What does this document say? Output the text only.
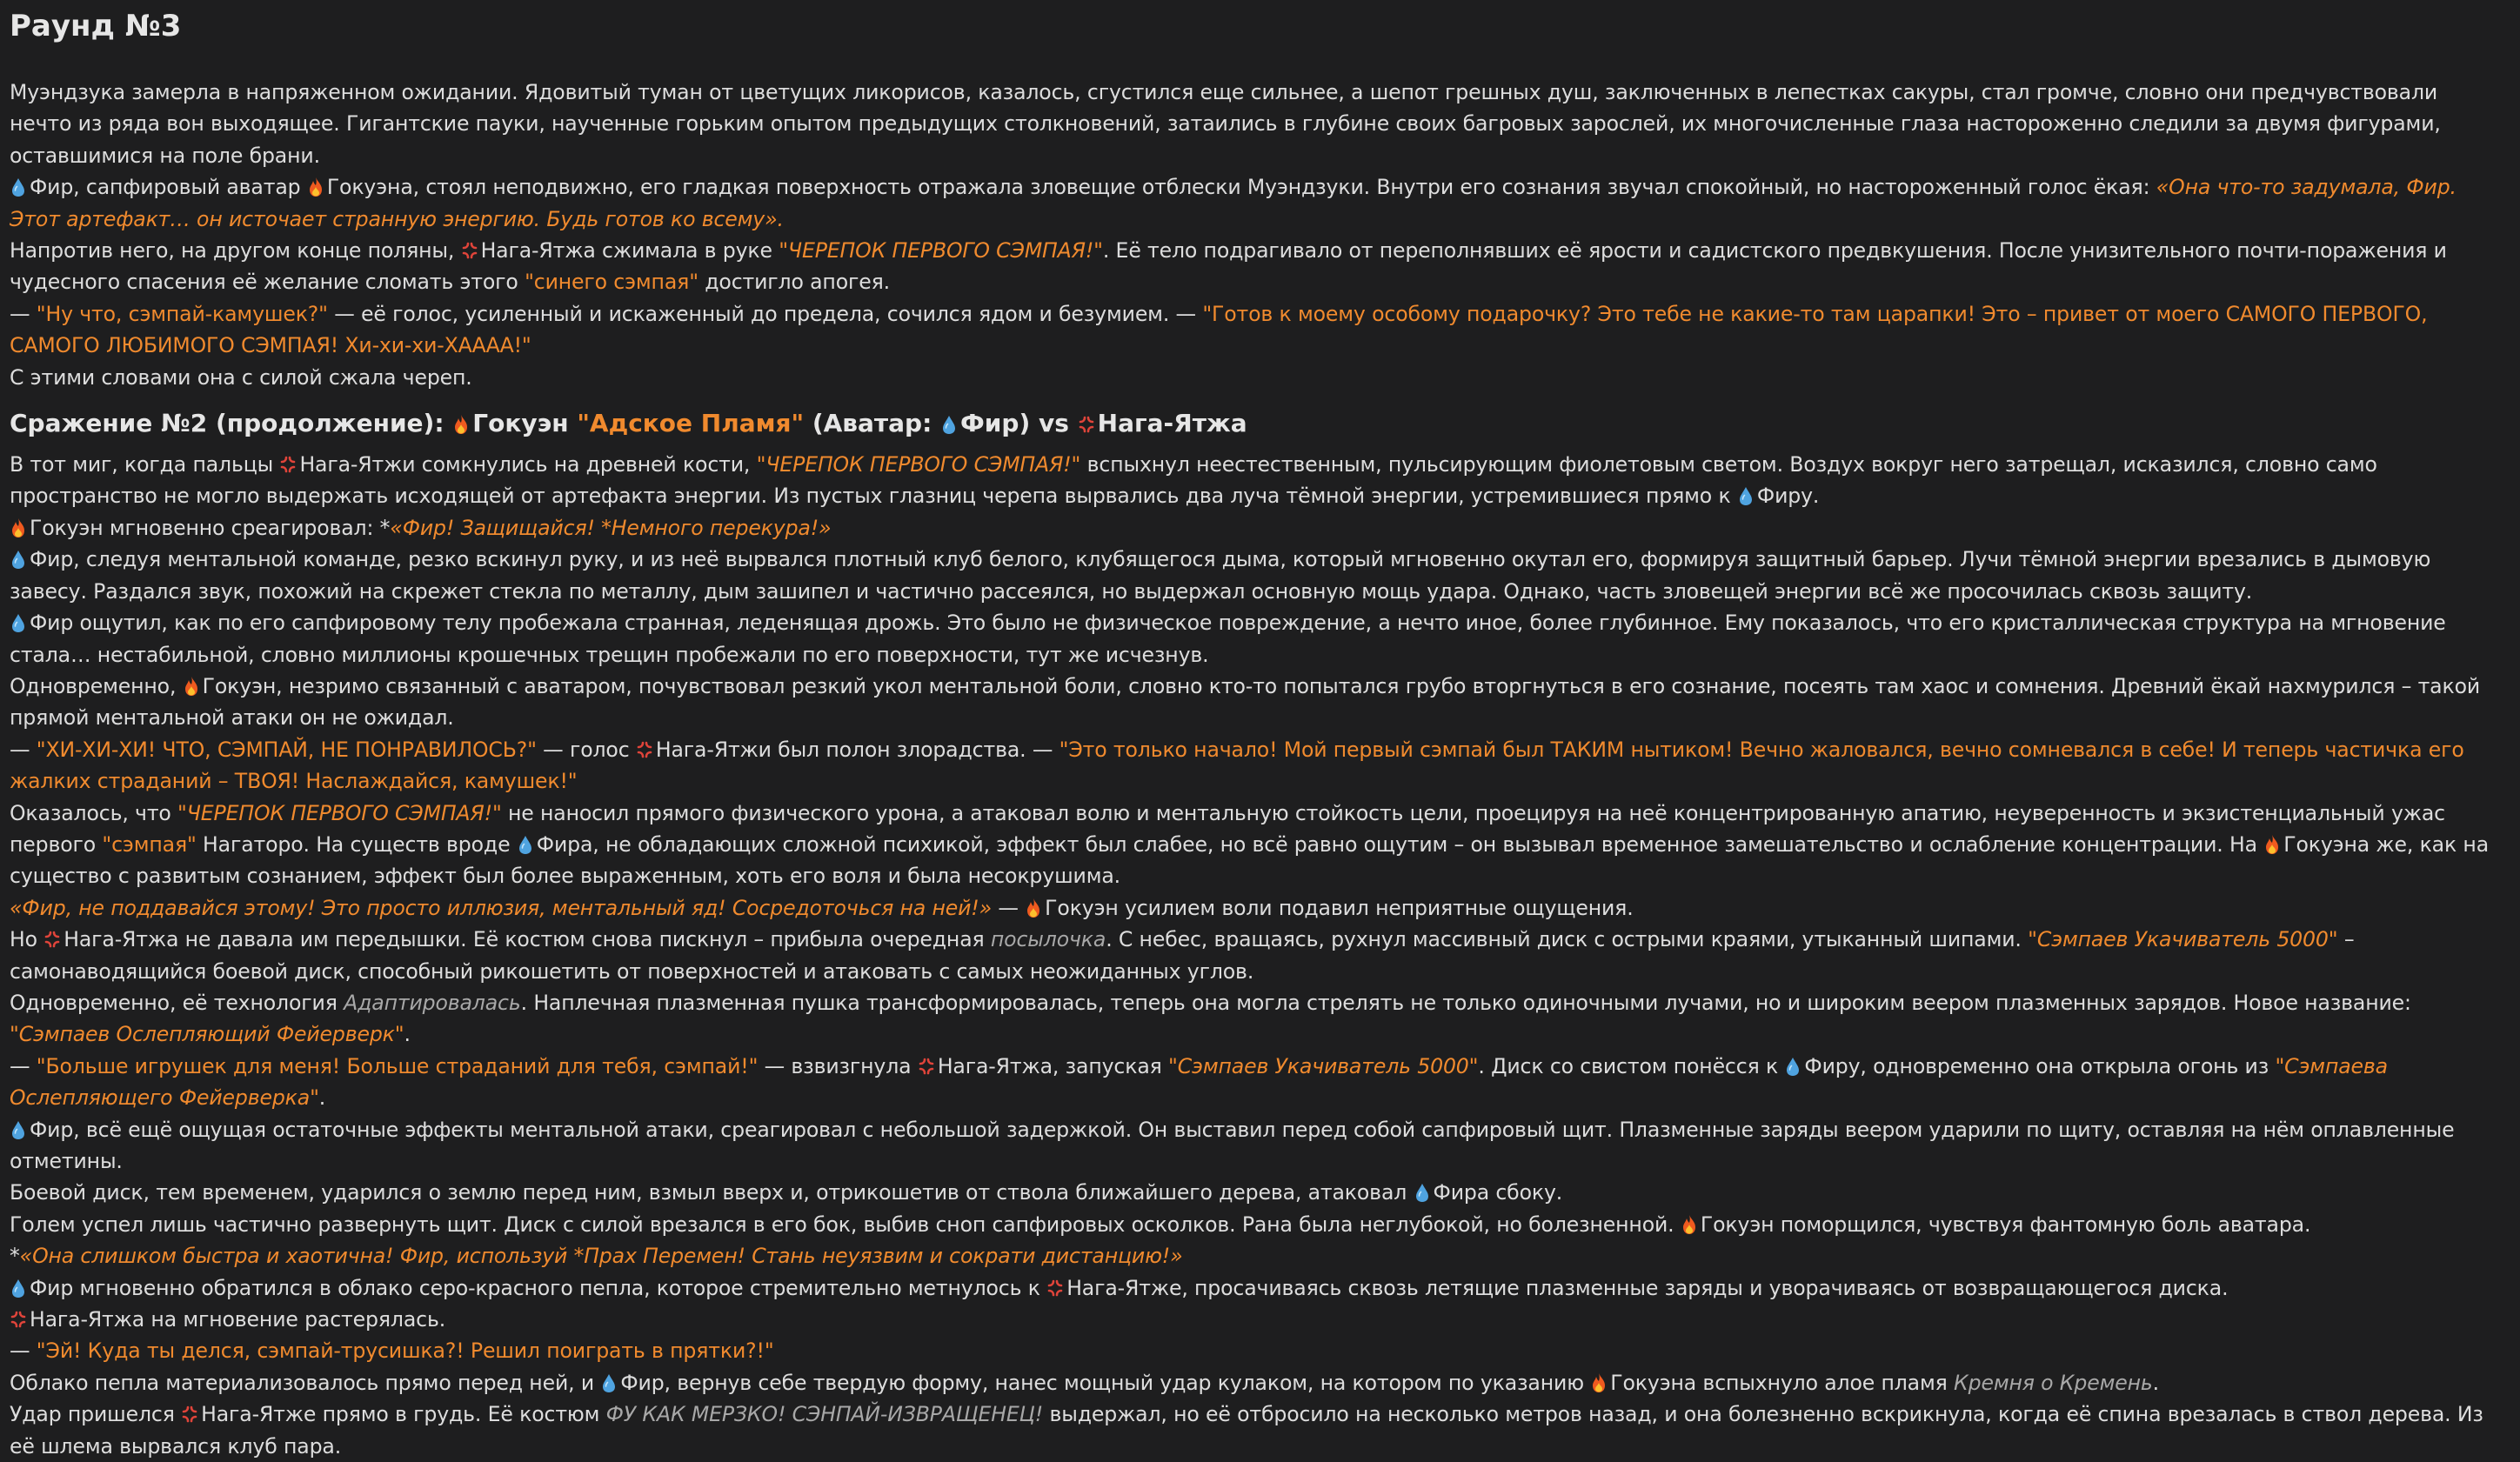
Раунд №3

Муэндзука замерла в напряженном ожидании. Ядовитый туман от цветущих ликорисов, казалось, сгустился еще сильнее, а шепот грешных душ, заключенных в лепестках сакуры, стал громче, словно они предчувствовали нечто из ряда вон выходящее. Гигантские пауки, наученные горьким опытом предыдущих столкновений, затаились в глубине своих багровых зарослей, их многочисленные глаза настороженно следили за двумя фигурами, оставшимися на поле брани.

Фир, сапфировый аватар
Гокуэна, стоял неподвижно, его гладкая поверхность отражала зловещие отблески Муэндзуки. Внутри его сознания звучал спокойный, но настороженный голос ёкая: «Она что-то задумала, Фир. Этот артефакт… он источает странную энергию. Будь готов ко всему».

Напротив него, на другом конце поляны,
Нага-Ятжа сжимала в руке "ЧЕРЕПОК ПЕРВОГО СЭМПАЯ!". Её тело подрагивало от переполнявших её ярости и садистского предвкушения. После унизительного почти-поражения и чудесного спасения её желание сломать этого "синего сэмпая" достигло апогея.

— "Ну что, сэмпай-камушек?" — её голос, усиленный и искаженный до предела, сочился ядом и безумием. — "Готов к моему особому подарочку? Это тебе не какие-то там царапки! Это – привет от моего САМОГО ПЕРВОГО, САМОГО ЛЮБИМОГО СЭМПАЯ! Хи-хи-хи-ХАААА!"

С этими словами она с силой сжала череп.

Сражение №2 (продолжение):
Гокуэн "Адское Пламя" (Аватар:
Фир) vs
Нага-Ятжа

В тот миг, когда пальцы
Нага-Ятжи сомкнулись на древней кости, "ЧЕРЕПОК ПЕРВОГО СЭМПАЯ!" вспыхнул неестественным, пульсирующим фиолетовым светом. Воздух вокруг него затрещал, исказился, словно само пространство не могло выдержать исходящей от артефакта энергии. Из пустых глазниц черепа вырвались два луча тёмной энергии, устремившиеся прямо к
Фиру.

Гокуэн мгновенно среагировал: *«Фир! Защищайся! *Немного перекура!»

Фир, следуя ментальной команде, резко вскинул руку, и из неё вырвался плотный клуб белого, клубящегося дыма, который мгновенно окутал его, формируя защитный барьер. Лучи тёмной энергии врезались в дымовую завесу. Раздался звук, похожий на скрежет стекла по металлу, дым зашипел и частично рассеялся, но выдержал основную мощь удара. Однако, часть зловещей энергии всё же просочилась сквозь защиту.

Фир ощутил, как по его сапфировому телу пробежала странная, леденящая дрожь. Это было не физическое повреждение, а нечто иное, более глубинное. Ему показалось, что его кристаллическая структура на мгновение стала… нестабильной, словно миллионы крошечных трещин пробежали по его поверхности, тут же исчезнув.

Одновременно,
Гокуэн, незримо связанный с аватаром, почувствовал резкий укол ментальной боли, словно кто-то попытался грубо вторгнуться в его сознание, посеять там хаос и сомнения. Древний ёкай нахмурился – такой прямой ментальной атаки он не ожидал.

— "ХИ-ХИ-ХИ! ЧТО, СЭМПАЙ, НЕ ПОНРАВИЛОСЬ?" — голос
Нага-Ятжи был полон злорадства. — "Это только начало! Мой первый сэмпай был ТАКИМ нытиком! Вечно жаловался, вечно сомневался в себе! И теперь частичка его жалких страданий – ТВОЯ! Наслаждайся, камушек!"

Оказалось, что "ЧЕРЕПОК ПЕРВОГО СЭМПАЯ!" не наносил прямого физического урона, а атаковал волю и ментальную стойкость цели, проецируя на неё концентрированную апатию, неуверенность и экзистенциальный ужас первого "сэмпая" Нагаторо. На существ вроде
Фира, не обладающих сложной психикой, эффект был слабее, но всё равно ощутим – он вызывал временное замешательство и ослабление концентрации. На
Гокуэна же, как на существо с развитым сознанием, эффект был более выраженным, хоть его воля и была несокрушима.

«Фир, не поддавайся этому! Это просто иллюзия, ментальный яд! Сосредоточься на ней!» —
Гокуэн усилием воли подавил неприятные ощущения.

Но
Нага-Ятжа не давала им передышки. Её костюм снова пискнул – прибыла очередная посылочка. С небес, вращаясь, рухнул массивный диск с острыми краями, утыканный шипами. "Сэмпаев Укачиватель 5000" – самонаводящийся боевой диск, способный рикошетить от поверхностей и атаковать с самых неожиданных углов.

Одновременно, её технология Адаптировалась. Наплечная плазменная пушка трансформировалась, теперь она могла стрелять не только одиночными лучами, но и широким веером плазменных зарядов. Новое название: "Сэмпаев Ослепляющий Фейерверк".

— "Больше игрушек для меня! Больше страданий для тебя, сэмпай!" — взвизгнула
Нага-Ятжа, запуская "Сэмпаев Укачиватель 5000". Диск со свистом понёсся к
Фиру, одновременно она открыла огонь из "Сэмпаева Ослепляющего Фейерверка".

Фир, всё ещё ощущая остаточные эффекты ментальной атаки, среагировал с небольшой задержкой. Он выставил перед собой сапфировый щит. Плазменные заряды веером ударили по щиту, оставляя на нём оплавленные отметины.

Боевой диск, тем временем, ударился о землю перед ним, взмыл вверх и, отрикошетив от ствола ближайшего дерева, атаковал
Фира сбоку.

Голем успел лишь частично развернуть щит. Диск с силой врезался в его бок, выбив сноп сапфировых осколков. Рана была неглубокой, но болезненной.
Гокуэн поморщился, чувствуя фантомную боль аватара.

*«Она слишком быстра и хаотична! Фир, используй *Прах Перемен! Стань неуязвим и сократи дистанцию!»

Фир мгновенно обратился в облако серо-красного пепла, которое стремительно метнулось к
Нага-Ятжe, просачиваясь сквозь летящие плазменные заряды и уворачиваясь от возвращающегося диска.

Нага-Ятжа на мгновение растерялась.

— "Эй! Куда ты делся, сэмпай-трусишка?! Решил поиграть в прятки?!"

Облако пепла материализовалось прямо перед ней, и
Фир, вернув себе твердую форму, нанес мощный удар кулаком, на котором по указанию
Гокуэна вспыхнуло алое пламя Кремня о Кремень.

Удар пришелся
Нага-Ятжe прямо в грудь. Её костюм ФУ КАК МЕРЗКО! СЭНПАЙ-ИЗВРАЩЕНЕЦ! выдержал, но её отбросило на несколько метров назад, и она болезненно вскрикнула, когда её спина врезалась в ствол дерева. Из её шлема вырвался клуб пара.
